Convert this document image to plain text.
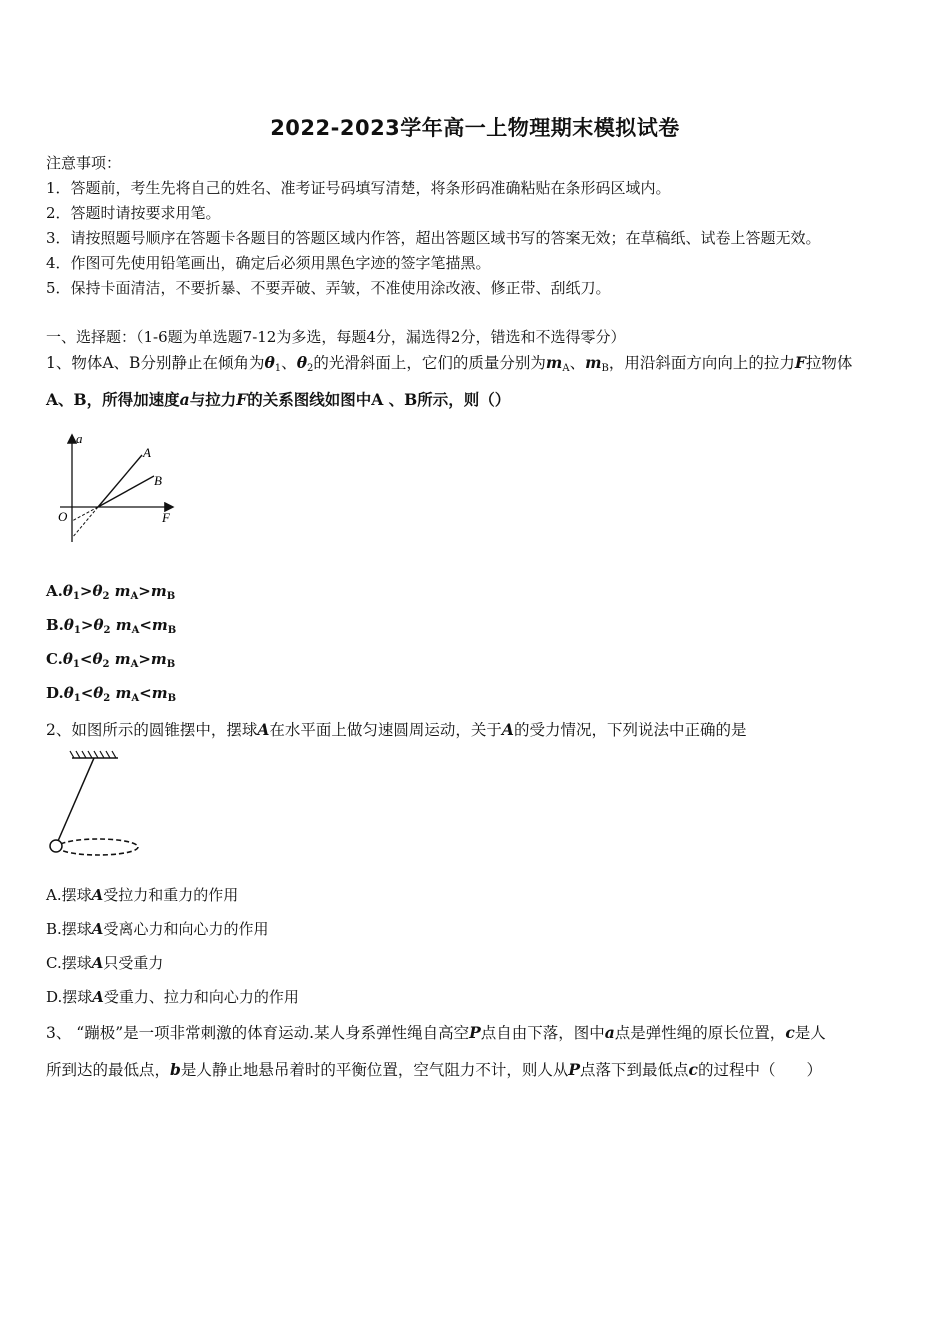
2022-2023学年高一上物理期末模拟试卷
注意事项：
1．答题前，考生先将自己的姓名、准考证号码填写清楚，将条形码准确粘贴在条形码区域内。
2．答题时请按要求用笔。
3．请按照题号顺序在答题卡各题目的答题区域内作答，超出答题区域书写的答案无效；在草稿纸、试卷上答题无效。
4．作图可先使用铅笔画出，确定后必须用黑色字迹的签字笔描黑。
5．保持卡面清洁，不要折暴、不要弄破、弄皱，不准使用涂改液、修正带、刮纸刀。
一、选择题：（1-6题为单选题7-12为多选，每题4分，漏选得2分，错选和不选得零分）
1、物体A、B分别静止在倾角为$\theta_1$、$\theta_2$的光滑斜面上，它们的质量分别为$m_A$、$m_B$，用沿斜面方向向上的拉力F拉物体
A、B，所得加速度a与拉力F的关系图线如图中A 、B所示，则（）
a
F
O
A
B
$A.\theta_1>\theta_2$ $m_A>m_B$
$B.\theta_1>\theta_2$ $m_A<m_B$
$C.\theta_1<\theta_2$ $m_A>m_B$
$D.\theta_1<\theta_2$ $m_A<m_B$
2、如图所示的圆锥摆中，摆球A在水平面上做匀速圆周运动，关于A的受力情况，下列说法中正确的是
A.摆球A受拉力和重力的作用
B.摆球A受离心力和向心力的作用
C.摆球A只受重力
D.摆球A受重力、拉力和向心力的作用
3、 “蹦极”是一项非常刺激的体育运动.某人身系弹性绳自高空P点自由下落，图中a点是弹性绳的原长位置，c是人
所到达的最低点，b是人静止地悬吊着时的平衡位置，空气阻力不计，则人从P点落下到最低点c的过程中（　　）
